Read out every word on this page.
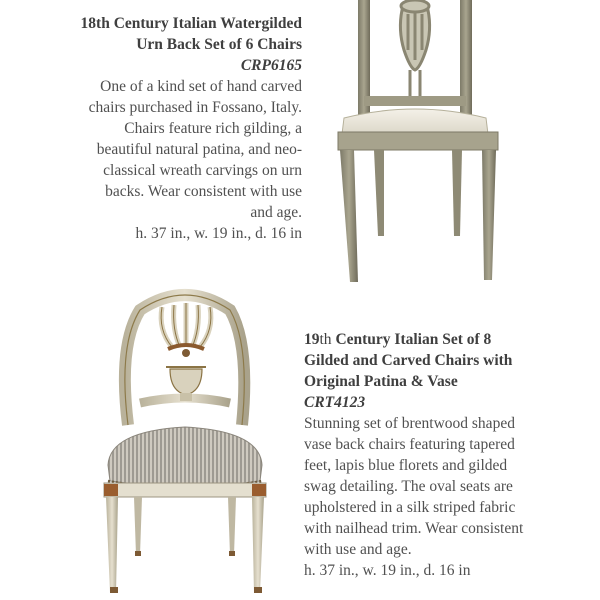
18th Century Italian Watergilded
Urn Back Set of 6 Chairs

CRP6165

One of a kind set of hand carved
chairs purchased in Fossano, Italy.
Chairs feature rich gilding, a
beautiful natural patina, and neo-
classical wreath carvings on urn
backs. Wear consistent with use
and age.

h. 37 in., w. 19 in., d. 16 in

19th Century Italian Set of 8
Gilded and Carved Chairs with
Original Patina & Vase

CRT4123

Stunning set of brentwood shaped
vase back chairs featuring tapered
feet, lapis blue florets and gilded
swag detailing. The oval seats are
upholstered in a silk striped fabric
with nailhead trim. Wear consistent
with use and age.

h. 37 in., w. 19 in., d. 16 in
